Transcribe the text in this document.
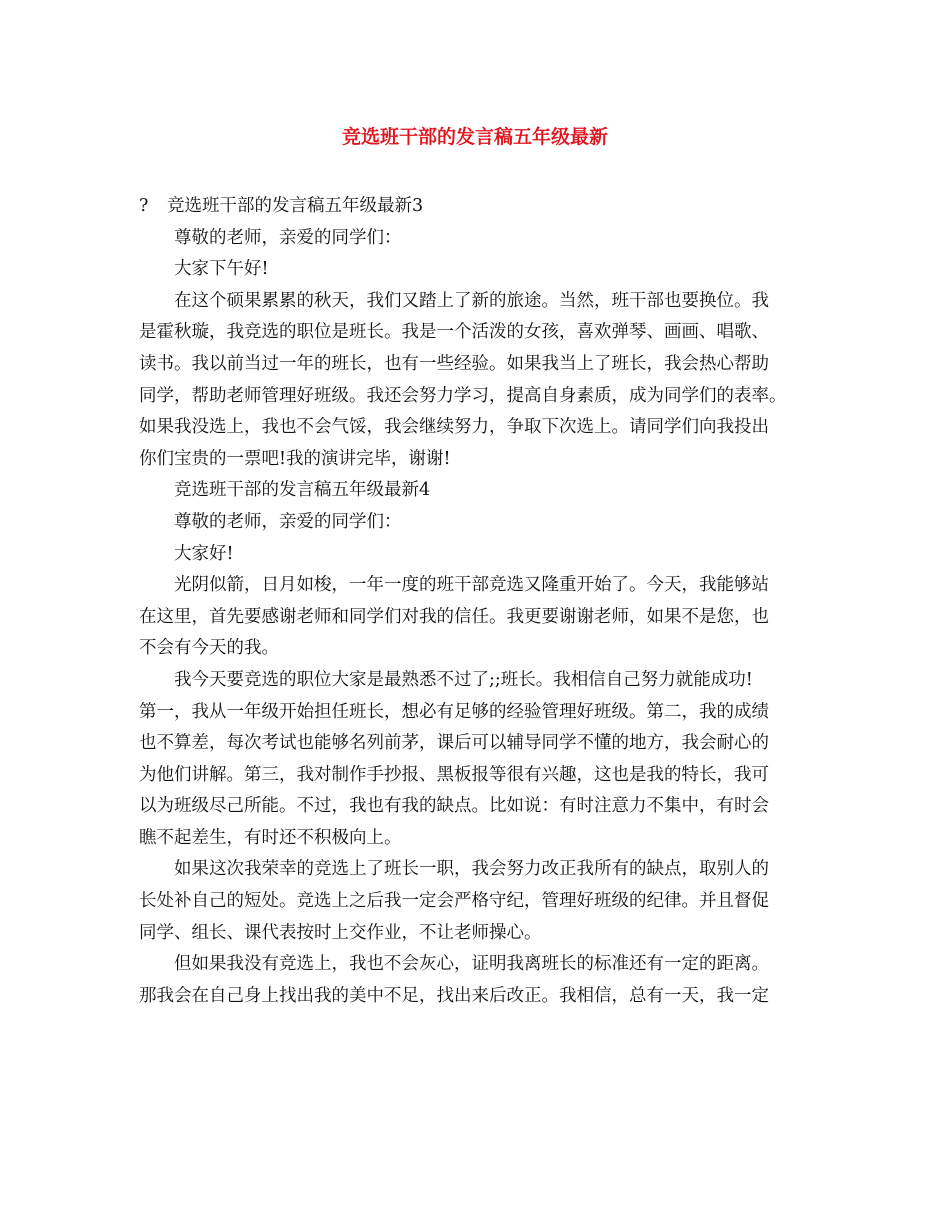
竞选班干部的发言稿五年级最新
? 竞选班干部的发言稿五年级最新3
尊敬的老师，亲爱的同学们：
大家下午好!
在这个硕果累累的秋天，我们又踏上了新的旅途。当然，班干部也要换位。我
是霍秋璇，我竞选的职位是班长。我是一个活泼的女孩，喜欢弹琴、画画、唱歌、
读书。我以前当过一年的班长，也有一些经验。如果我当上了班长，我会热心帮助
同学，帮助老师管理好班级。我还会努力学习，提高自身素质，成为同学们的表率。
如果我没选上，我也不会气馁，我会继续努力，争取下次选上。请同学们向我投出
你们宝贵的一票吧!我的演讲完毕，谢谢!
竞选班干部的发言稿五年级最新4
尊敬的老师，亲爱的同学们：
大家好!
光阴似箭，日月如梭，一年一度的班干部竞选又隆重开始了。今天，我能够站
在这里，首先要感谢老师和同学们对我的信任。我更要谢谢老师，如果不是您，也
不会有今天的我。
我今天要竞选的职位大家是最熟悉不过了;;班长。我相信自己努力就能成功!
第一，我从一年级开始担任班长，想必有足够的经验管理好班级。第二，我的成绩
也不算差，每次考试也能够名列前茅，课后可以辅导同学不懂的地方，我会耐心的
为他们讲解。第三，我对制作手抄报、黑板报等很有兴趣，这也是我的特长，我可
以为班级尽己所能。不过，我也有我的缺点。比如说：有时注意力不集中，有时会
瞧不起差生，有时还不积极向上。
如果这次我荣幸的竞选上了班长一职，我会努力改正我所有的缺点，取别人的
长处补自己的短处。竞选上之后我一定会严格守纪，管理好班级的纪律。并且督促
同学、组长、课代表按时上交作业，不让老师操心。
但如果我没有竞选上，我也不会灰心，证明我离班长的标准还有一定的距离。
那我会在自己身上找出我的美中不足，找出来后改正。我相信，总有一天，我一定
